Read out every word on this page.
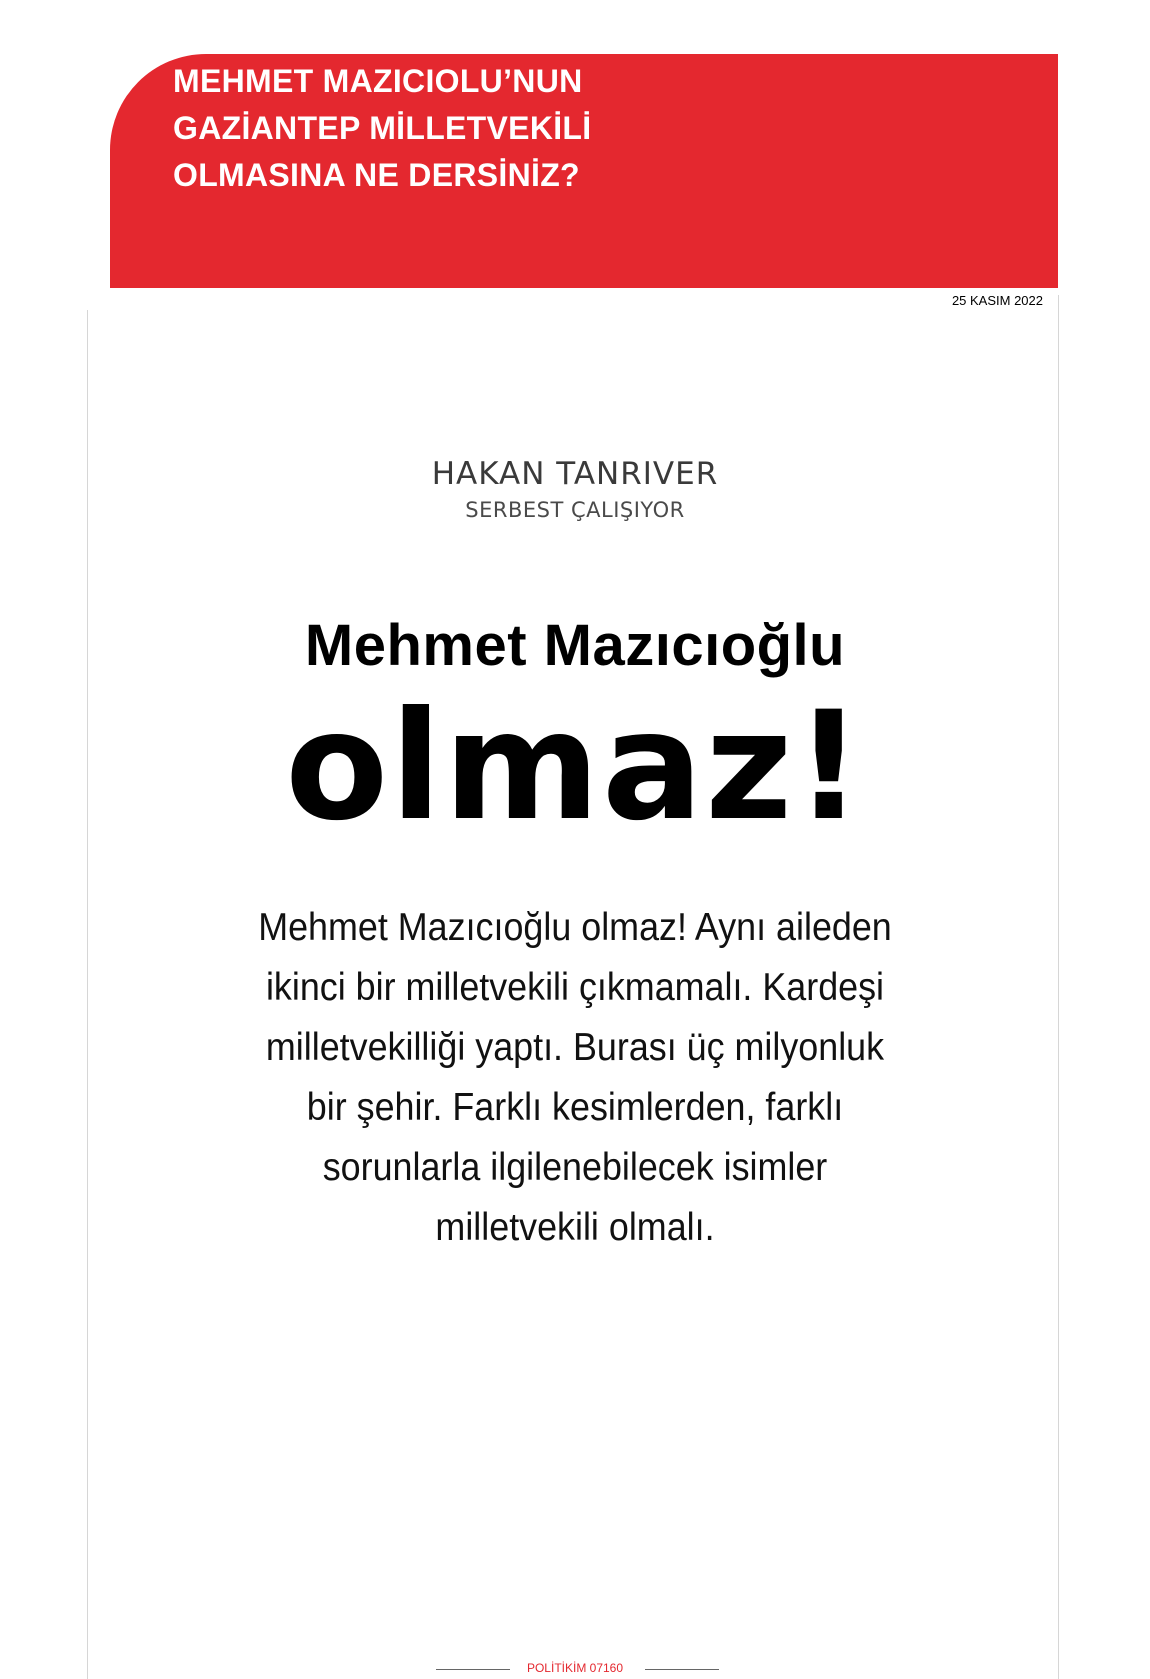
MEHMET MAZICIOLU’NUN
GAZİANTEP MİLLETVEKİLİ
OLMASINA NE DERSİNİZ?
25 KASIM 2022
HAKAN TANRIVER
SERBEST ÇALIŞIYOR
Mehmet Mazıcıoğlu
olmaz!
Mehmet Mazıcıoğlu olmaz! Aynı aileden ikinci bir milletvekili çıkmamalı. Kardeşi milletvekilliği yaptı. Burası üç milyonluk bir şehir. Farklı kesimlerden, farklı sorunlarla ilgilenebilecek isimler milletvekili olmalı.
POLİTİKİM 07160
